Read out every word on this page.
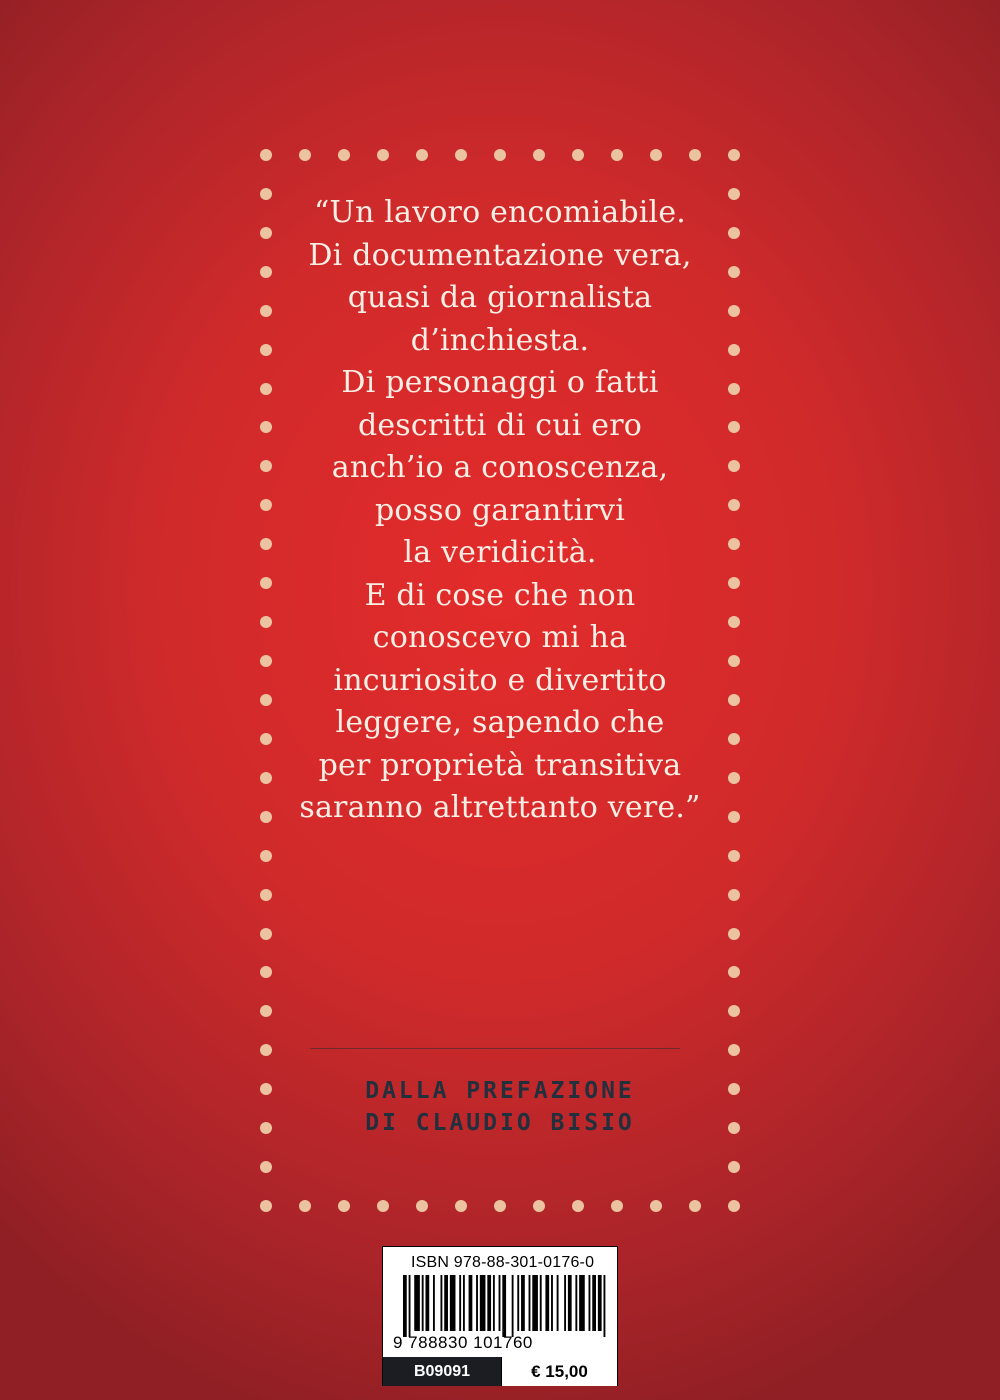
“Un lavoro encomiabile.
Di documentazione vera,
quasi da giornalista
d’inchiesta.
Di personaggi o fatti
descritti di cui ero
anch’io a conoscenza,
posso garantirvi
la veridicità.
E di cose che non
conoscevo mi ha
incuriosito e divertito
leggere, sapendo che
per proprietà transitiva
saranno altrettanto vere.”
DALLA PREFAZIONE
DI CLAUDIO BISIO
ISBN 978-88-301-0176-0
9 788830 101760
B09091	€ 15,00
